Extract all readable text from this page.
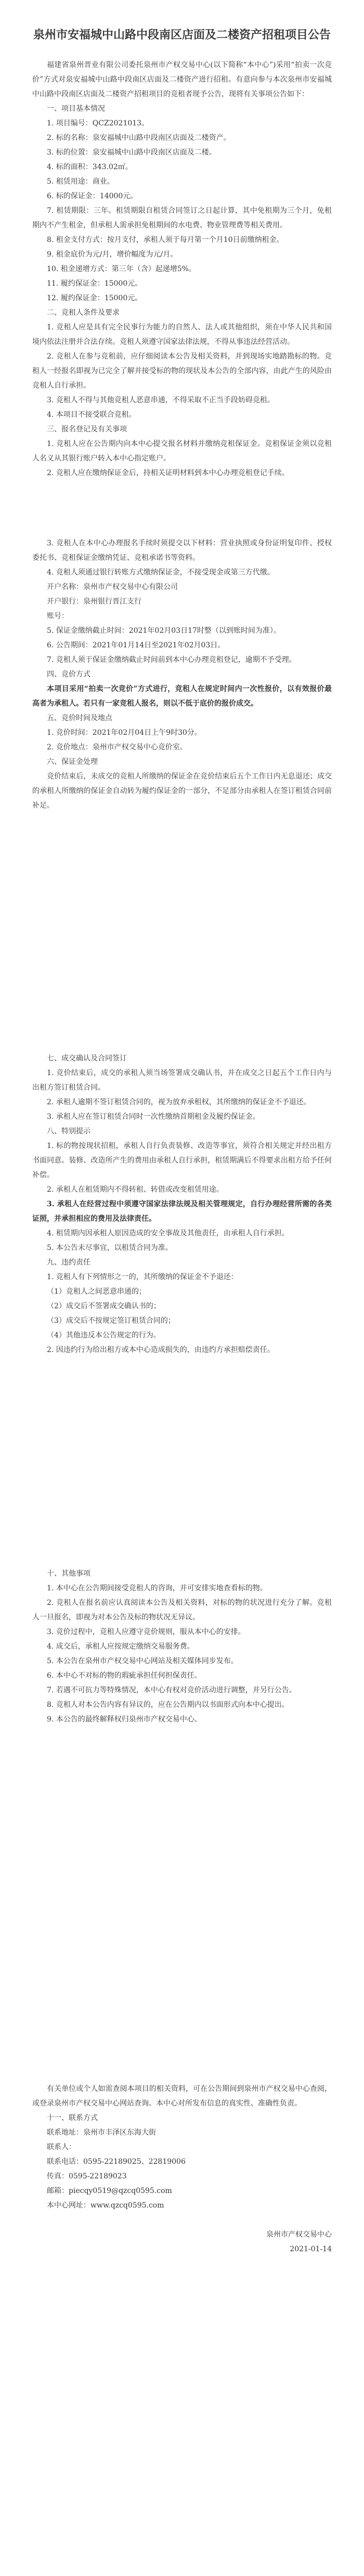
泉州市安福城中山路中段南区店面及二楼资产招租项目公告

福建省泉州晋业有限公司委托泉州市产权交易中心(以下简称“本中心”)采用“拍卖一次竞价”方式对泉安福城中山路中段南区店面及二楼资产进行招租。有意向参与本次泉州市安福城中山路中段南区店面及二楼资产招租项目的竞租者现予公告，现将有关事项公告如下：

一、项目基本情况

1. 项目编号：QCZ2021013。

2. 标的名称：泉安福城中山路中段南区店面及二楼资产。

3. 标的位置：泉安福城中山路中段南区店面及二楼。

4. 标的面积：343.02㎡。

5. 租赁用途：商业。

6. 标的保证金：14000元。

7. 租赁期限：三年。租赁期限自租赁合同签订之日起计算，其中免租期为三个月，免租期内不产生租金，但承租人需承担免租期间的水电费、物业管理费等相关费用。

8. 租金支付方式：按月支付，承租人须于每月第一个月10日前缴纳租金。

9. 租金底价为元/月，增价幅度为元/月。

10. 租金递增方式：第三年（含）起递增5%。

11. 履约保证金：15000元。

12. 履约保证金：15000元。

二、竞租人条件及要求

1. 竞租人应是具有完全民事行为能力的自然人、法人或其他组织，须在中华人民共和国境内依法注册并合法存续。竞租人须遵守国家法律法规，不得从事违法经营活动。

2. 竞租人在参与竞租前，应仔细阅读本公告及相关资料，并到现场实地踏勘标的物。竞租人一经报名即视为已完全了解并接受标的物的现状及本公告的全部内容，由此产生的风险由竞租人自行承担。

3. 竞租人不得与其他竞租人恶意串通，不得采取不正当手段妨碍竞租。

4. 本项目不接受联合竞租。

三、报名登记及有关事项

1. 竞租人应在公告期内向本中心提交报名材料并缴纳竞租保证金。竞租保证金须以竞租人名义从其银行账户转入本中心指定账户。

2. 竞租人应在缴纳保证金后，持相关证明材料到本中心办理竞租登记手续。

3. 竞租人在本中心办理报名手续时须提交以下材料：营业执照或身份证明复印件、授权委托书、竞租保证金缴纳凭证、竞租承诺书等资料。

4. 竞租人须通过银行转账方式缴纳保证金，不接受现金或第三方代缴。

开户名称：泉州市产权交易中心有限公司

开户银行：泉州银行晋江支行

账号：

5. 保证金缴纳截止时间：2021年02月03日17时整（以到账时间为准）。

6. 公告期间：2021年01月14日至2021年02月03日。

7. 竞租人须于保证金缴纳截止时间前到本中心办理竞租登记，逾期不予受理。

四、竞价方式

本项目采用“拍卖一次竞价”方式进行，竞租人在规定时间内一次性报价，以有效报价最高者为承租人。若只有一家竞租人报名，则以不低于底价的报价成交。

五、竞价时间及地点

1. 竞价时间：2021年02月04日上午9时30分。

2. 竞价地点：泉州市产权交易中心竞价室。

六、保证金处理

竞价结束后，未成交的竞租人所缴纳的保证金在竞价结束后五个工作日内无息退还；成交的承租人所缴纳的保证金自动转为履约保证金的一部分，不足部分由承租人在签订租赁合同前补足。

七、成交确认及合同签订

1. 竞价结束后，成交的承租人须当场签署成交确认书，并在成交之日起五个工作日内与出租方签订租赁合同。

2. 承租人逾期不签订租赁合同的，视为放弃承租权，其所缴纳的保证金不予退还。

3. 承租人应在签订租赁合同时一次性缴纳首期租金及履约保证金。

八、特别提示

1. 标的物按现状招租，承租人自行负责装修、改造等事宜，须符合相关规定并经出租方书面同意。装修、改造所产生的费用由承租人自行承担，租赁期满后不得要求出租方给予任何补偿。

2. 承租人在租赁期内不得转租、转借或改变租赁用途。

3. 承租人在经营过程中须遵守国家法律法规及相关管理规定，自行办理经营所需的各类证照，并承担相应的费用及法律责任。

4. 租赁期内因承租人原因造成的安全事故及其他责任，由承租人自行承担。

5. 本公告未尽事宜，以租赁合同为准。

九、违约责任

1. 竞租人有下列情形之一的，其所缴纳的保证金不予退还：

（1）竞租人之间恶意串通的；

（2）成交后不签署成交确认书的；

（3）成交后不按规定签订租赁合同的；

（4）其他违反本公告规定的行为。

2. 因违约行为给出租方或本中心造成损失的，由违约方承担赔偿责任。

十、其他事项

1. 本中心在公告期间接受竞租人的咨询，并可安排实地查看标的物。

2. 竞租人在报名前应认真阅读本公告及相关资料，对标的物的状况进行充分了解。竞租人一旦报名，即视为对本公告及标的物状况无异议。

3. 竞价过程中，竞租人应遵守竞价规则，服从本中心的安排。

4. 成交后，承租人应按规定缴纳交易服务费。

5. 本公告在泉州市产权交易中心网站及相关媒体同步发布。

6. 本中心不对标的物的瑕疵承担任何担保责任。

7. 若遇不可抗力等特殊情况，本中心有权对竞价活动进行调整，并另行公告。

8. 竞租人对本公告内容有异议的，应在公告期内以书面形式向本中心提出。

9. 本公告的最终解释权归泉州市产权交易中心。

有关单位或个人如需查阅本项目的相关资料，可在公告期间到泉州市产权交易中心查阅，或登录泉州市产权交易中心网站查询。本中心对所发布信息的真实性、准确性负责。

十一、联系方式

联系地址：泉州市丰泽区东海大街

联系人：

联系电话：0595-22189025、22819006

传真：0595-22189023

邮箱：piecqy0519@qzcq0595.com

本中心网址：www.qzcq0595.com

泉州市产权交易中心

2021-01-14
